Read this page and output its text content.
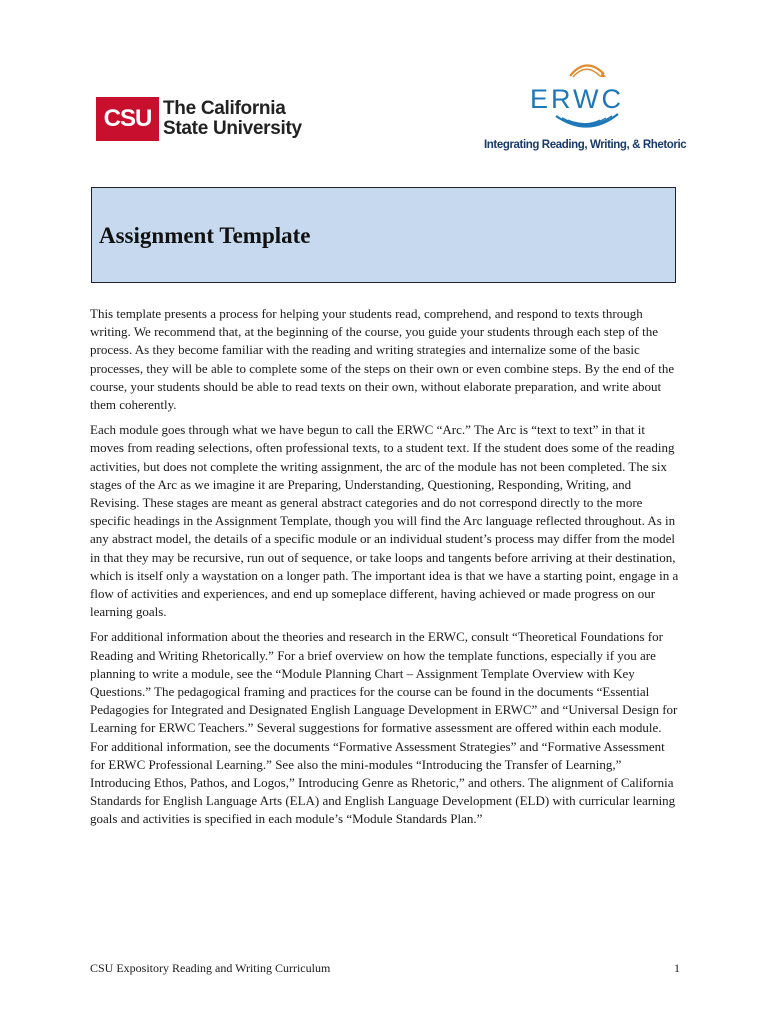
CSU The California
State University
ERWC
Integrating Reading, Writing, & Rhetoric
Assignment Template

This template presents a process for helping your students read, comprehend, and respond to texts through writing. We recommend that, at the beginning of the course, you guide your students through each step of the process. As they become familiar with the reading and writing strategies and internalize some of the basic processes, they will be able to complete some of the steps on their own or even combine steps. By the end of the course, your students should be able to read texts on their own, without elaborate preparation, and write about them coherently.

Each module goes through what we have begun to call the ERWC “Arc.” The Arc is “text to text” in that it moves from reading selections, often professional texts, to a student text. If the student does some of the reading activities, but does not complete the writing assignment, the arc of the module has not been completed. The six stages of the Arc as we imagine it are Preparing, Understanding, Questioning, Responding, Writing, and Revising. These stages are meant as general abstract categories and do not correspond directly to the more specific headings in the Assignment Template, though you will find the Arc language reflected throughout. As in any abstract model, the details of a specific module or an individual student’s process may differ from the model in that they may be recursive, run out of sequence, or take loops and tangents before arriving at their destination, which is itself only a waystation on a longer path. The important idea is that we have a starting point, engage in a flow of activities and experiences, and end up someplace different, having achieved or made progress on our learning goals.

For additional information about the theories and research in the ERWC, consult “Theoretical Foundations for Reading and Writing Rhetorically.” For a brief overview on how the template functions, especially if you are planning to write a module, see the “Module Planning Chart – Assignment Template Overview with Key Questions.” The pedagogical framing and practices for the course can be found in the documents “Essential Pedagogies for Integrated and Designated English Language Development in ERWC” and “Universal Design for Learning for ERWC Teachers.” Several suggestions for formative assessment are offered within each module. For additional information, see the documents “Formative Assessment Strategies” and “Formative Assessment for ERWC Professional Learning.” See also the mini-modules “Introducing the Transfer of Learning,” Introducing Ethos, Pathos, and Logos,” Introducing Genre as Rhetoric,” and others. The alignment of California Standards for English Language Arts (ELA) and English Language Development (ELD) with curricular learning goals and activities is specified in each module’s “Module Standards Plan.”

CSU Expository Reading and Writing Curriculum	1
